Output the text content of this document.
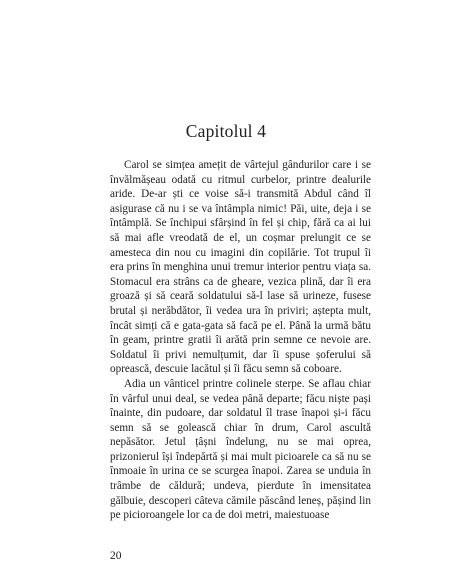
Capitolul 4

Carol se simțea amețit de vârtejul gândurilor care i se învălmășeau odată cu ritmul curbelor, printre dealurile aride. De-ar ști ce voise să-i transmită Abdul când îl asigurase că nu i se va întâmpla nimic! Păi, uite, deja i se întâmplă. Se închipui sfârșind în fel și chip, fără ca ai lui să mai afle vreodată de el, un coșmar prelungit ce se amesteca din nou cu imagini din copilărie. Tot trupul îi era prins în menghina unui tremur interior pentru viața sa. Stomacul era strâns ca de gheare, vezica plină, dar îi era groază și să ceară soldatului să-l lase să urineze, fusese brutal și nerăbdător, îi vedea ura în priviri; aștepta mult, încât simți că e gata-gata să facă pe el. Până la urmă bătu în geam, printre gratii îi arătă prin semne ce nevoie are. Soldatul îi privi nemulțumit, dar îi spuse șoferului să oprească, descuie lacătul și îi făcu semn să coboare.

Adia un vânticel printre colinele sterpe. Se aflau chiar în vârful unui deal, se vedea până departe; făcu niște pași înainte, din pudoare, dar soldatul îl trase înapoi și-i făcu semn să se golească chiar în drum, Carol ascultă nepăsător. Jetul țâșni îndelung, nu se mai oprea, prizonierul își îndepărtă și mai mult picioarele ca să nu se înmoaie în urina ce se scurgea înapoi. Zarea se unduia în trâmbe de căldură; undeva, pierdute în imensitatea gălbuie, descoperi câteva cămile păscând leneș, pășind lin pe picioroangele lor ca de doi metri, maiestuoase

20
